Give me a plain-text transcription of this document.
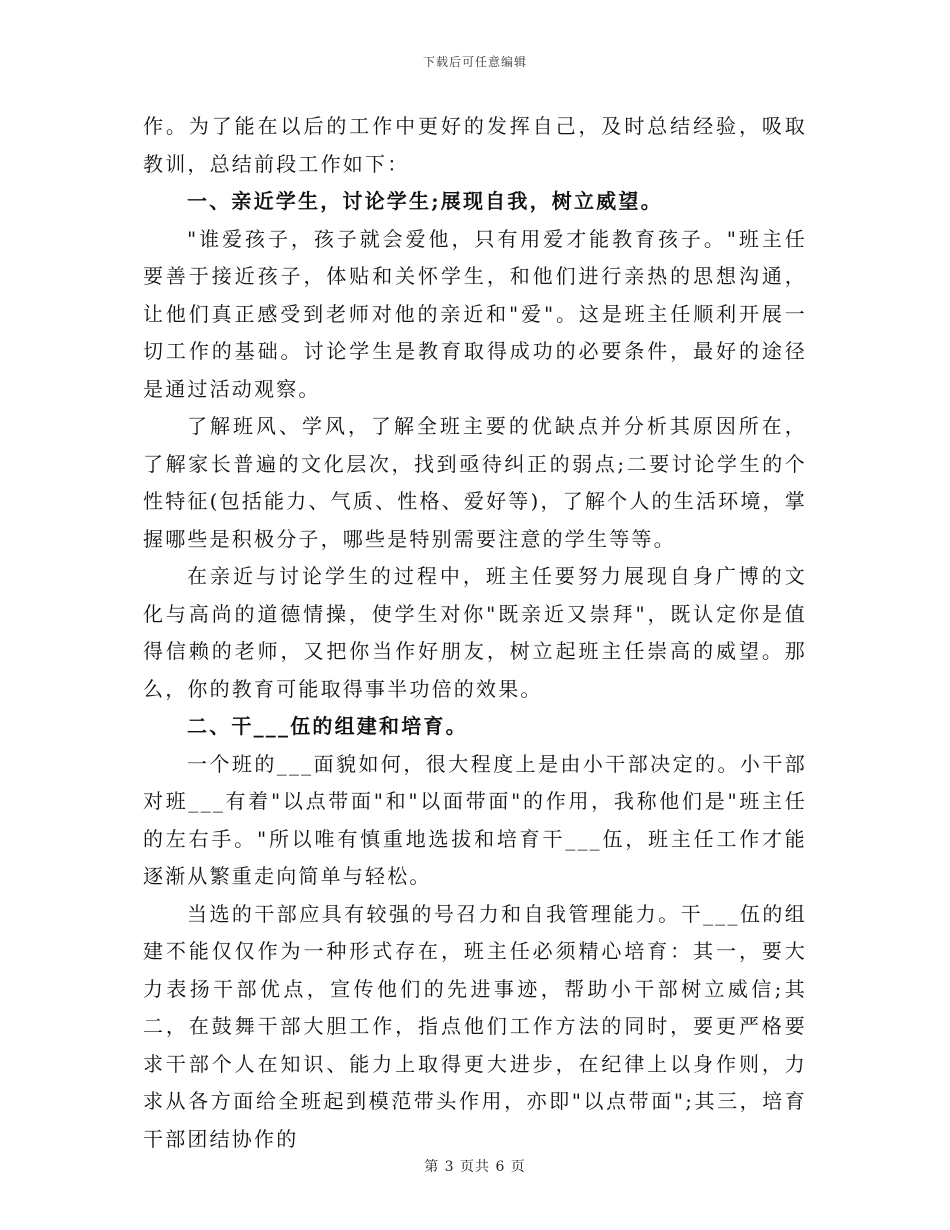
下载后可任意编辑

作。为了能在以后的工作中更好的发挥自己，及时总结经验，吸取教训，总结前段工作如下：

一、亲近学生，讨论学生;展现自我，树立威望。

"谁爱孩子，孩子就会爱他，只有用爱才能教育孩子。"班主任要善于接近孩子，体贴和关怀学生，和他们进行亲热的思想沟通，让他们真正感受到老师对他的亲近和"爱"。这是班主任顺利开展一切工作的基础。讨论学生是教育取得成功的必要条件，最好的途径是通过活动观察。

了解班风、学风，了解全班主要的优缺点并分析其原因所在，了解家长普遍的文化层次，找到亟待纠正的弱点;二要讨论学生的个性特征(包括能力、气质、性格、爱好等)，了解个人的生活环境，掌握哪些是积极分子，哪些是特别需要注意的学生等等。

在亲近与讨论学生的过程中，班主任要努力展现自身广博的文化与高尚的道德情操，使学生对你"既亲近又崇拜"，既认定你是值得信赖的老师，又把你当作好朋友，树立起班主任崇高的威望。那么，你的教育可能取得事半功倍的效果。

二、干___伍的组建和培育。

一个班的___面貌如何，很大程度上是由小干部决定的。小干部对班___有着"以点带面"和"以面带面"的作用，我称他们是"班主任的左右手。"所以唯有慎重地选拔和培育干___伍，班主任工作才能逐渐从繁重走向简单与轻松。

当选的干部应具有较强的号召力和自我管理能力。干___伍的组建不能仅仅作为一种形式存在，班主任必须精心培育：其一，要大力表扬干部优点，宣传他们的先进事迹，帮助小干部树立威信;其二，在鼓舞干部大胆工作，指点他们工作方法的同时，要更严格要求干部个人在知识、能力上取得更大进步，在纪律上以身作则，力求从各方面给全班起到模范带头作用，亦即"以点带面";其三，培育干部团结协作的

第 3 页共 6 页
